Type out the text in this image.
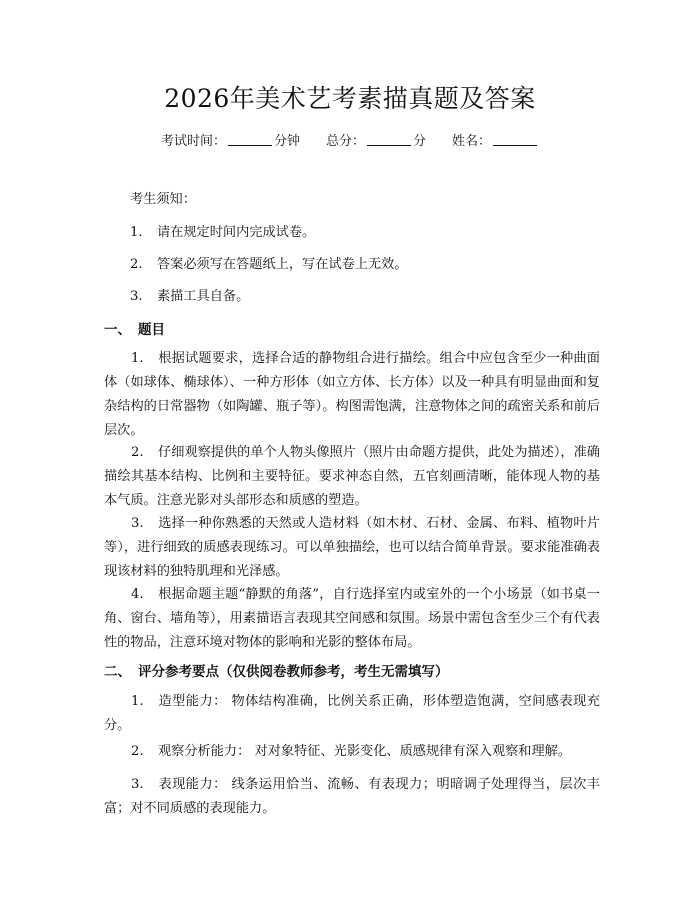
2026年美术艺考素描真题及答案
考试时间：	分钟 总分：	分 姓名：
考生须知：
1. 请在规定时间内完成试卷。
2. 答案必须写在答题纸上，写在试卷上无效。
3. 素描工具自备。
一、 题目
1. 根据试题要求，选择合适的静物组合进行描绘。组合中应包含至少一种曲面体（如球体、椭球体）、一种方形体（如立方体、长方体）以及一种具有明显曲面和复杂结构的日常器物（如陶罐、瓶子等）。构图需饱满，注意物体之间的疏密关系和前后层次。
2. 仔细观察提供的单个人物头像照片（照片由命题方提供，此处为描述），准确描绘其基本结构、比例和主要特征。要求神态自然，五官刻画清晰，能体现人物的基本气质。注意光影对头部形态和质感的塑造。
3. 选择一种你熟悉的天然或人造材料（如木材、石材、金属、布料、植物叶片等），进行细致的质感表现练习。可以单独描绘，也可以结合简单背景。要求能准确表现该材料的独特肌理和光泽感。
4. 根据命题主题“静默的角落”，自行选择室内或室外的一个小场景（如书桌一角、窗台、墙角等），用素描语言表现其空间感和氛围。场景中需包含至少三个有代表性的物品，注意环境对物体的影响和光影的整体布局。
二、 评分参考要点（仅供阅卷教师参考，考生无需填写）
1. 造型能力： 物体结构准确，比例关系正确，形体塑造饱满，空间感表现充分。
2. 观察分析能力： 对对象特征、光影变化、质感规律有深入观察和理解。
3. 表现能力： 线条运用恰当、流畅、有表现力；明暗调子处理得当，层次丰富；对不同质感的表现能力。
